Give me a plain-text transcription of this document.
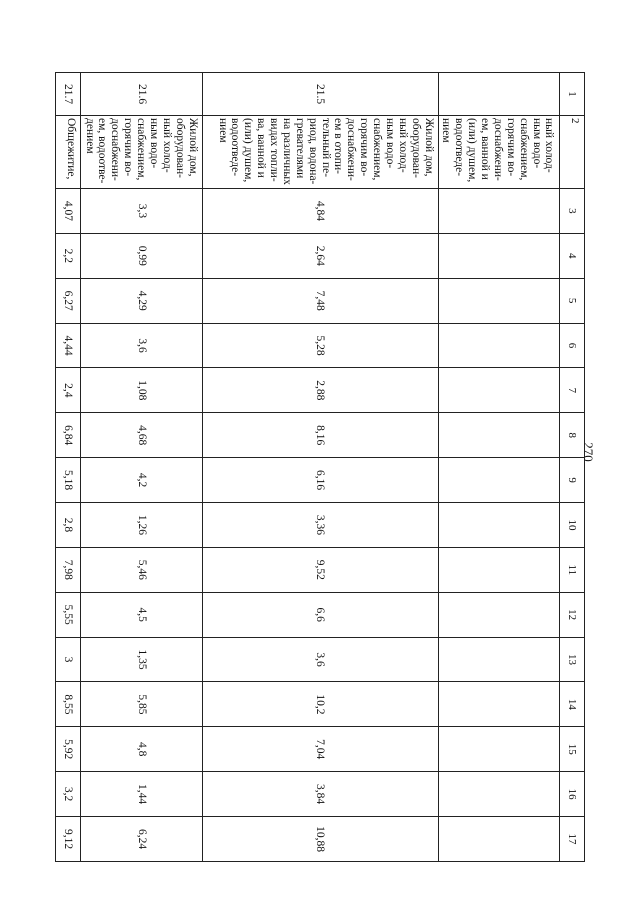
270
1	2	3	4	5	6	7	8	9	10	11	12	13	14	15	16	17
	ный холод-ным водо-снабжением, горячим во-доснабжени-ем, ванной и (или) душем, водоотведе-нием															
21.5	Жилой дом, оборудован-ный холод-ным водо-снабжением, горячим во-доснабжени-ем в отопи-тельный пе-риод, водона-гревателями на различных видах топли-ва, ванной и (или) душем, водоотведе-нием	4,84	2,64	7,48	5,28	2,88	8,16	6,16	3,36	9,52	6,6	3,6	10,2	7,04	3,84	10,88
21.6	Жилой дом, оборудован-ный холод-ным водо-снабжением, горячим во-доснабжени-ем, водоотве-дением	3,3	0,99	4,29	3,6	1,08	4,68	4,2	1,26	5,46	4,5	1,35	5,85	4,8	1,44	6,24
21.7	Общежитие,	4,07	2,2	6,27	4,44	2,4	6,84	5,18	2,8	7,98	5,55	3	8,55	5,92	3,2	9,12
